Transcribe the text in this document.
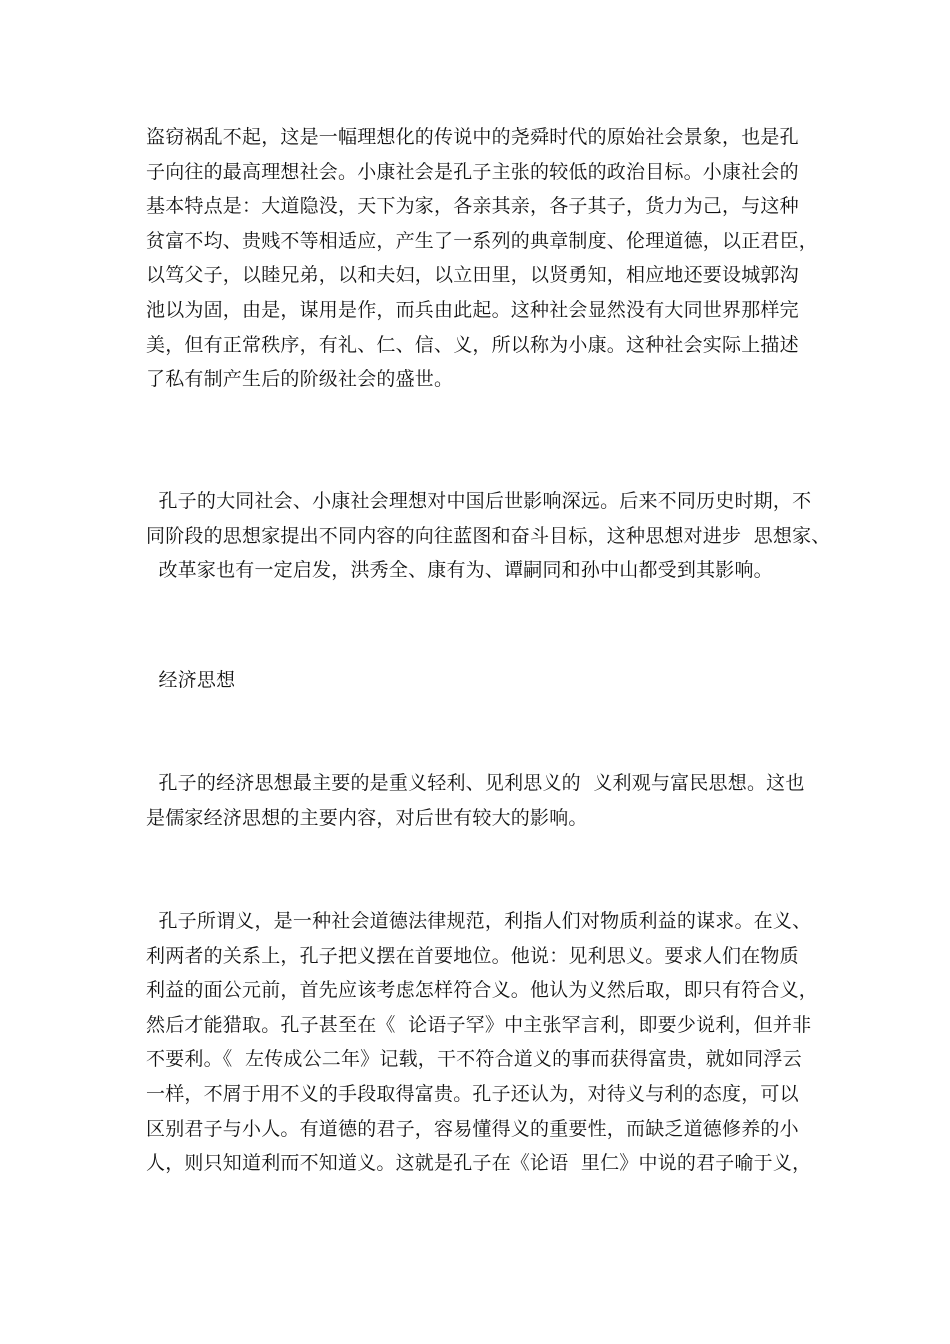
盗窃祸乱不起，这是一幅理想化的传说中的尧舜时代的原始社会景象，也是孔
子向往的最高理想社会。小康社会是孔子主张的较低的政治目标。小康社会的
基本特点是：大道隐没，天下为家，各亲其亲，各子其子，货力为己，与这种
贫富不均、贵贱不等相适应，产生了一系列的典章制度、伦理道德，以正君臣，
以笃父子，以睦兄弟，以和夫妇，以立田里，以贤勇知，相应地还要设城郭沟
池以为固，由是，谋用是作，而兵由此起。这种社会显然没有大同世界那样完
美，但有正常秩序，有礼、仁、信、义，所以称为小康。这种社会实际上描述
了私有制产生后的阶级社会的盛世。
孔子的大同社会、小康社会理想对中国后世影响深远。后来不同历史时期，不
同阶段的思想家提出不同内容的向往蓝图和奋斗目标，这种思想对进步  思想家、
改革家也有一定启发，洪秀全、康有为、谭嗣同和孙中山都受到其影响。
经济思想
孔子的经济思想最主要的是重义轻利、见利思义的  义利观与富民思想。这也
是儒家经济思想的主要内容，对后世有较大的影响。
孔子所谓义，是一种社会道德法律规范，利指人们对物质利益的谋求。在义、
利两者的关系上，孔子把义摆在首要地位。他说：见利思义。要求人们在物质
利益的面公元前，首先应该考虑怎样符合义。他认为义然后取，即只有符合义，
然后才能猎取。孔子甚至在《  论语子罕》中主张罕言利，即要少说利，但并非
不要利。《  左传成公二年》记载，干不符合道义的事而获得富贵，就如同浮云
一样，不屑于用不义的手段取得富贵。孔子还认为，对待义与利的态度，可以
区别君子与小人。有道德的君子，容易懂得义的重要性，而缺乏道德修养的小
人，则只知道利而不知道义。这就是孔子在《论语  里仁》中说的君子喻于义，
